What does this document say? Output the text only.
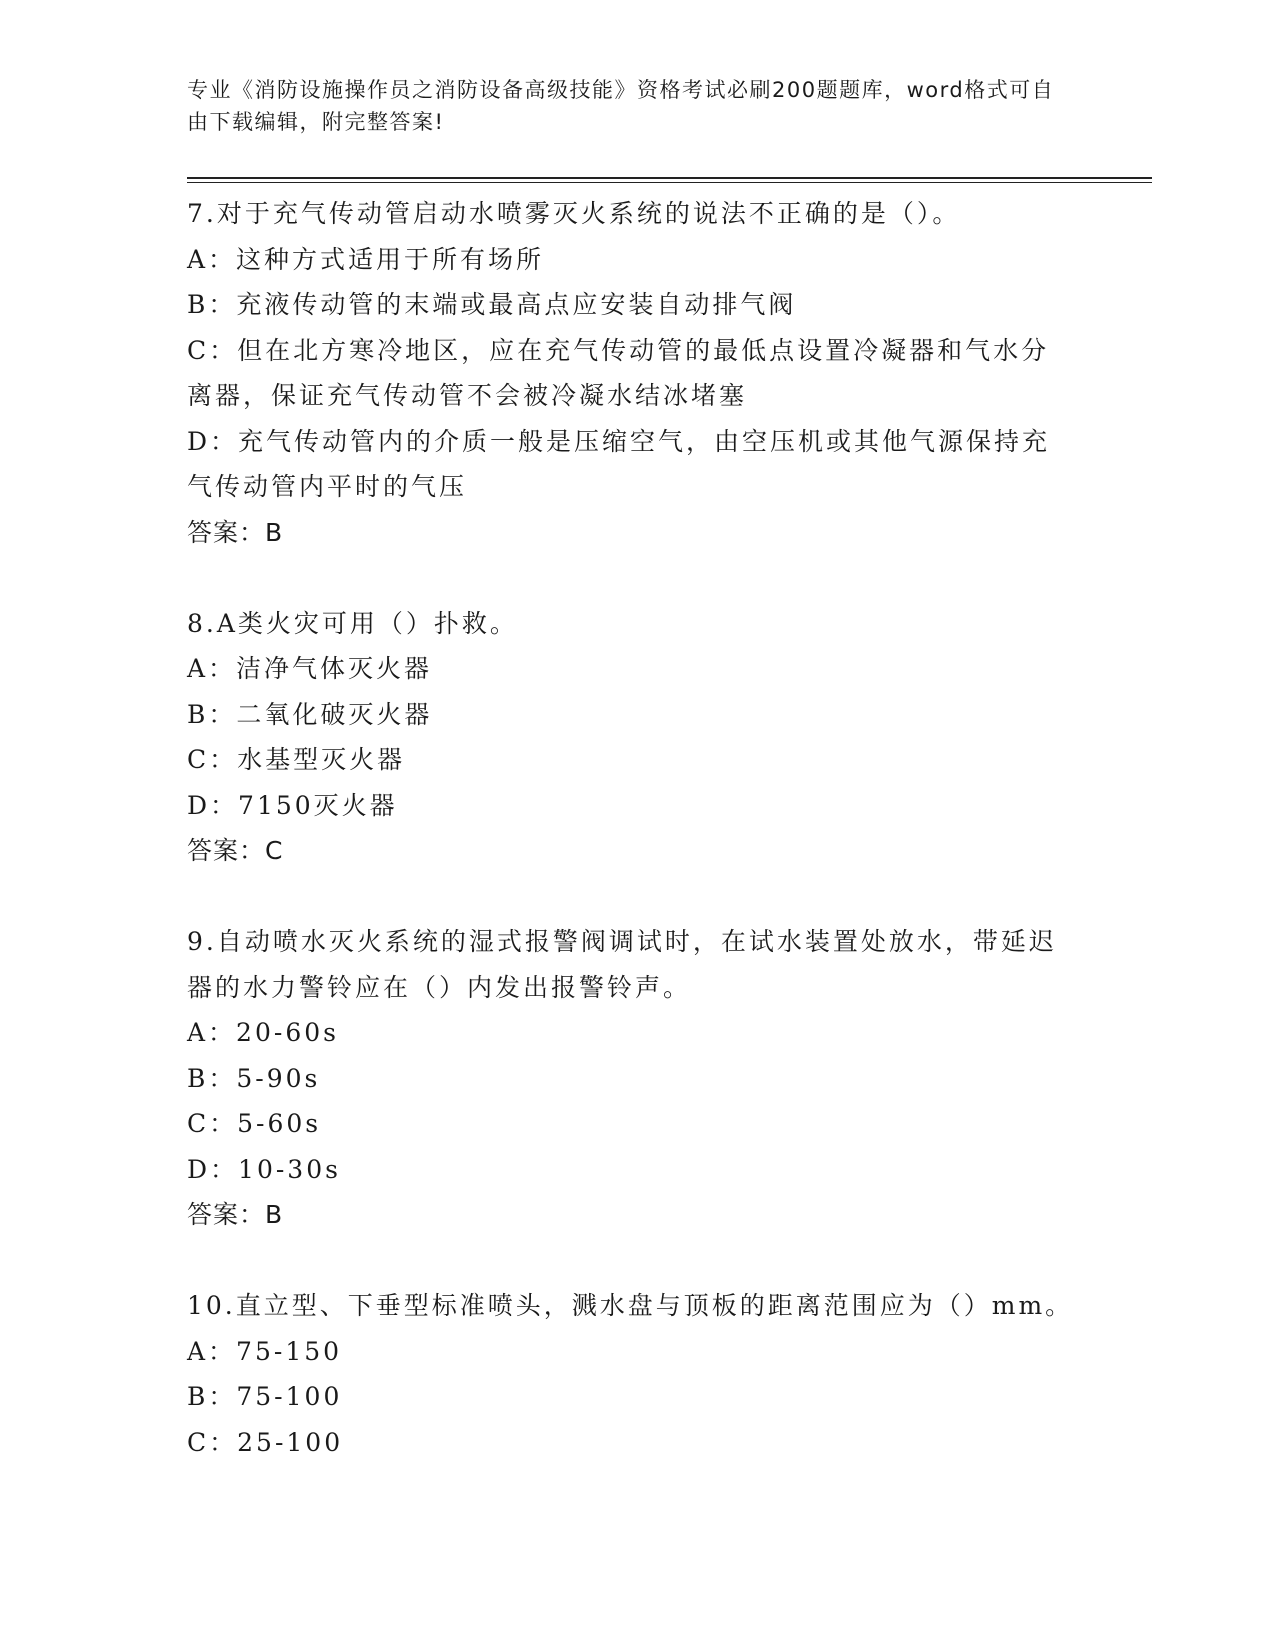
专业《消防设施操作员之消防设备高级技能》资格考试必刷200题题库，word格式可自由下载编辑，附完整答案!
7.对于充气传动管启动水喷雾灭火系统的说法不正确的是（）。
A：这种方式适用于所有场所
B：充液传动管的末端或最高点应安装自动排气阀
C：但在北方寒冷地区，应在充气传动管的最低点设置冷凝器和气水分离器，保证充气传动管不会被冷凝水结冰堵塞
D：充气传动管内的介质一般是压缩空气，由空压机或其他气源保持充气传动管内平时的气压
答案：B
8.A类火灾可用（）扑救。
A：洁净气体灭火器
B：二氧化破灭火器
C：水基型灭火器
D：7150灭火器
答案：C
9.自动喷水灭火系统的湿式报警阀调试时，在试水装置处放水，带延迟器的水力警铃应在（）内发出报警铃声。
A：20-60s
B：5-90s
C：5-60s
D：10-30s
答案：B
10.直立型、下垂型标准喷头，溅水盘与顶板的距离范围应为（）mm。
A：75-150
B：75-100
C：25-100
